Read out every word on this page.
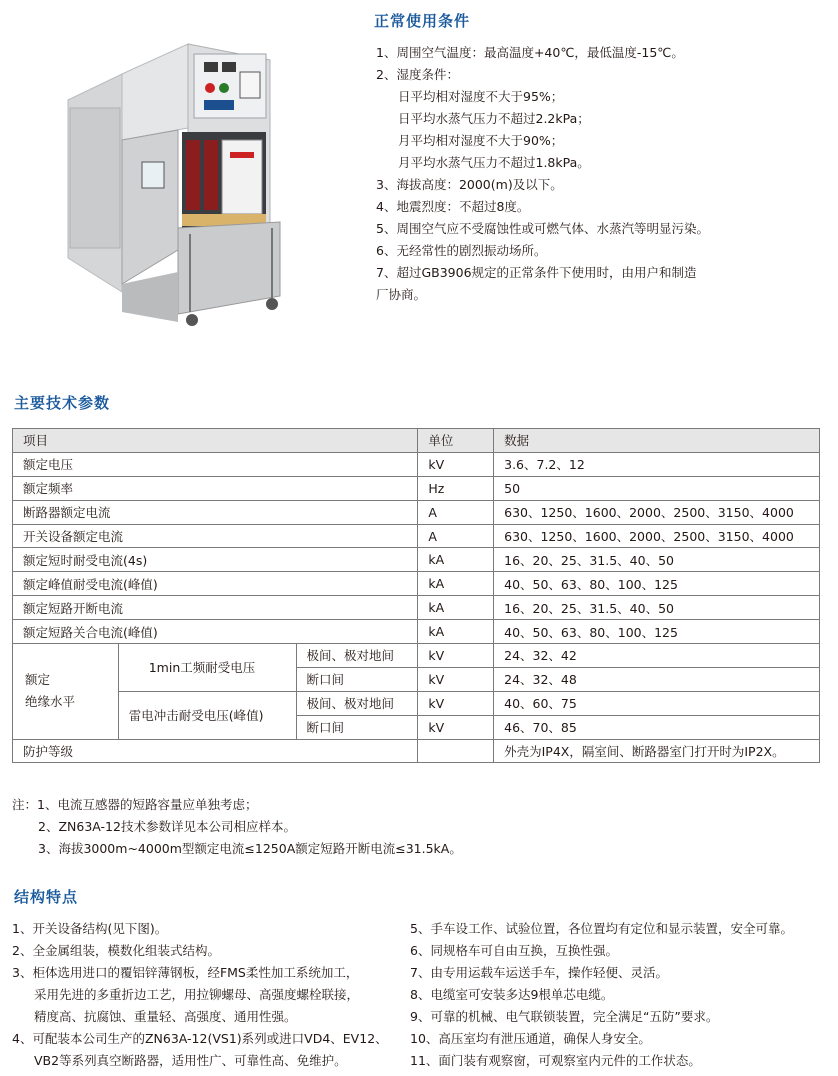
正常使用条件
1、周围空气温度：最高温度+40℃，最低温度-15℃。
2、湿度条件：
日平均相对湿度不大于95%；
日平均水蒸气压力不超过2.2kPa；
月平均相对湿度不大于90%；
月平均水蒸气压力不超过1.8kPa。
3、海拔高度：2000(m)及以下。
4、地震烈度：不超过8度。
5、周围空气应不受腐蚀性或可燃气体、水蒸汽等明显污染。
6、无经常性的剧烈振动场所。
7、超过GB3906规定的正常条件下使用时，由用户和制造
厂协商。
主要技术参数
项目			单位	数据
额定电压			kV	3.6、7.2、12
额定频率			Hz	50
断路器额定电流			A	630、1250、1600、2000、2500、3150、4000
开关设备额定电流			A	630、1250、1600、2000、2500、3150、4000
额定短时耐受电流(4s)			kA	16、20、25、31.5、40、50
额定峰值耐受电流(峰值)			kA	40、50、63、80、100、125
额定短路开断电流			kA	16、20、25、31.5、40、50
额定短路关合电流(峰值)			kA	40、50、63、80、100、125

额定
绝缘水平	1min工频耐受电压	极间、极对地间	kV	24、32、42
		断口间	kV	24、32、48
	雷电冲击耐受电压(峰值)	极间、极对地间	kV	40、60、75
		断口间	kV	46、70、85
防护等级				外壳为IP4X，隔室间、断路器室门打开时为IP2X。
注：1、电流互感器的短路容量应单独考虑；
2、ZN63A-12技术参数详见本公司相应样本。
3、海拔3000m~4000m型额定电流≤1250A额定短路开断电流≤31.5kA。
结构特点
1、开关设备结构(见下图)。
2、全金属组装，模数化组装式结构。
3、柜体选用进口的覆铝锌薄钢板，经FMS柔性加工系统加工，
采用先进的多重折边工艺，用拉铆螺母、高强度螺栓联接，
精度高、抗腐蚀、重量轻、高强度、通用性强。
4、可配装本公司生产的ZN63A-12(VS1)系列或进口VD4、EV12、
VB2等系列真空断路器，适用性广、可靠性高、免维护。
5、手车设工作、试验位置，各位置均有定位和显示装置，安全可靠。
6、同规格车可自由互换，互换性强。
7、由专用运载车运送手车，操作轻便、灵活。
8、电缆室可安装多达9根单芯电缆。
9、可靠的机械、电气联锁装置，完全满足“五防”要求。
10、高压室均有泄压通道，确保人身安全。
11、面门装有观察窗，可观察室内元件的工作状态。
